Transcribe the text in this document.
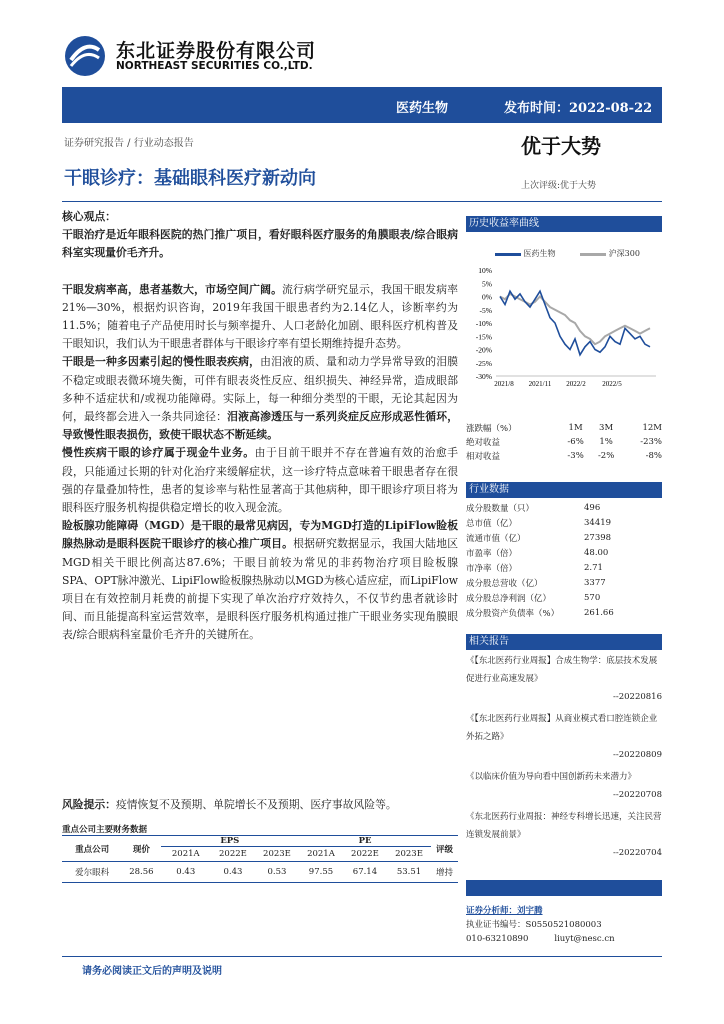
东北证券股份有限公司
NORTHEAST SECURITIES CO.,LTD.
医药生物	发布时间：2022-08-22
证券研究报告 / 行业动态报告
干眼诊疗：基础眼科医疗新动向
优于大势
上次评级:优于大势
核心观点：
干眼治疗是近年眼科医院的热门推广项目，看好眼科医疗服务的角膜眼表/综合眼病科室实现量价毛齐升。
干眼发病率高，患者基数大，市场空间广阔。流行病学研究显示，我国干眼发病率21%—30%，根据灼识咨询，2019年我国干眼患者约为2.14亿人，诊断率约为11.5%；随着电子产品使用时长与频率提升、人口老龄化加剧、眼科医疗机构普及干眼知识，我们认为干眼患者群体与干眼诊疗率有望长期维持提升态势。
干眼是一种多因素引起的慢性眼表疾病，由泪液的质、量和动力学异常导致的泪膜不稳定或眼表微环境失衡，可伴有眼表炎性反应、组织损失、神经异常，造成眼部多种不适症状和/或视功能障碍。实际上，每一种细分类型的干眼，无论其起因为何，最终都会进入一条共同途径：泪液高渗透压与一系列炎症反应形成恶性循环，导致慢性眼表损伤，致使干眼状态不断延续。
慢性疾病干眼的诊疗属于现金牛业务。由于目前干眼并不存在普遍有效的治愈手段，只能通过长期的针对化治疗来缓解症状，这一诊疗特点意味着干眼患者存在很强的存量叠加特性，患者的复诊率与粘性显著高于其他病种，即干眼诊疗项目将为眼科医疗服务机构提供稳定增长的收入现金流。
睑板腺功能障碍（MGD）是干眼的最常见病因，专为MGD打造的LipiFlow睑板腺热脉动是眼科医院干眼诊疗的核心推广项目。根据研究数据显示，我国大陆地区MGD相关干眼比例高达87.6%；干眼目前较为常见的非药物治疗项目睑板腺SPA、OPT脉冲激光、LipiFlow睑板腺热脉动以MGD为核心适应症，而LipiFlow项目在有效控制月耗费的前提下实现了单次治疗疗效持久，不仅节约患者就诊时间、而且能提高科室运营效率，是眼科医疗服务机构通过推广干眼业务实现角膜眼表/综合眼病科室量价毛齐升的关键所在。
风险提示：疫情恢复不及预期、单院增长不及预期、医疗事故风险等。
重点公司主要财务数据
重点公司	现价	EPS			PE			评级
		2021A	2022E	2023E	2021A	2022E	2023E	
爱尔眼科	28.56	0.43	0.43	0.53	97.55	67.14	53.51	增持
历史收益率曲线
医药生物	沪深300
10%
5%
0%
-5%
-10%
-15%
-20%
-25%
-30%
2021/8 2021/11 2022/2 2022/5
涨跌幅（%）	1M	3M	12M
绝对收益	-6%	1%	-23%
相对收益	-3%	-2%	-8%
行业数据
成分股数量（只）	496
总市值（亿）	34419
流通市值（亿）	27398
市盈率（倍）	48.00
市净率（倍）	2.71
成分股总营收（亿）	3377
成分股总净利润（亿）	570
成分股资产负债率（%）	261.66
相关报告
《【东北医药行业周报】合成生物学：底层技术发展促进行业高速发展》
--20220816
《【东北医药行业周报】从商业模式看口腔连锁企业外拓之路》
--20220809
《以临床价值为导向看中国创新药未来潜力》
--20220708
《东北医药行业周报：神经专科增长迅速，关注民营连锁发展前景》
--20220704
证券分析师：刘宇腾
执业证书编号：S0550521080003
010-63210890	liuyt@nesc.cn
请务必阅读正文后的声明及说明
